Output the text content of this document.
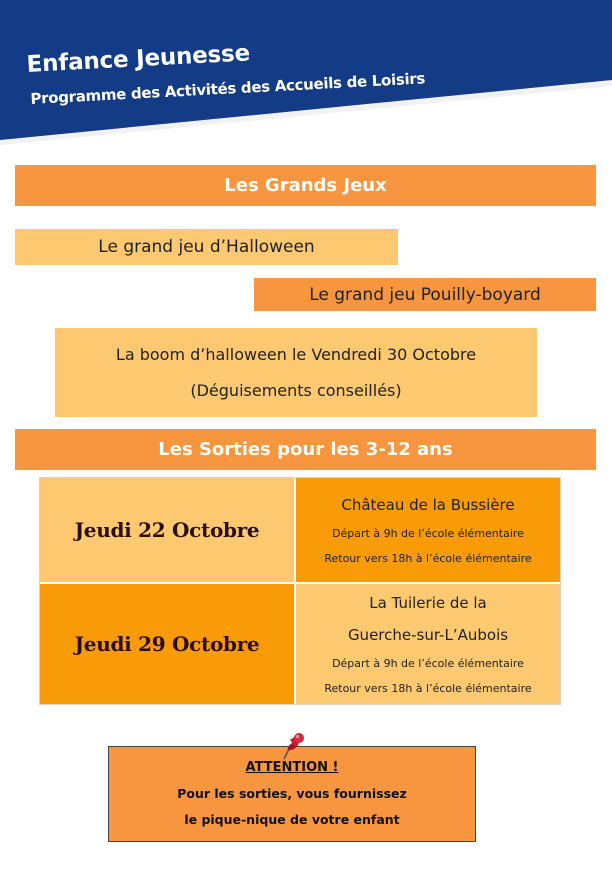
Enfance Jeunesse
Programme des Activités des Accueils de Loisirs
Les Grands Jeux
Le grand jeu d’Halloween
Le grand jeu Pouilly-boyard
La boom d’halloween le Vendredi 30 Octobre
(Déguisements conseillés)
Les Sorties pour les 3-12 ans
Jeudi 22 Octobre
Château de la Bussière
Départ à 9h de l’école élémentaire
Retour vers 18h à l’école élémentaire
Jeudi 29 Octobre
La Tuilerie de la
Guerche-sur-L’Aubois
Départ à 9h de l’école élémentaire
Retour vers 18h à l’école élémentaire
ATTENTION !
Pour les sorties, vous fournissez
le pique-nique de votre enfant
